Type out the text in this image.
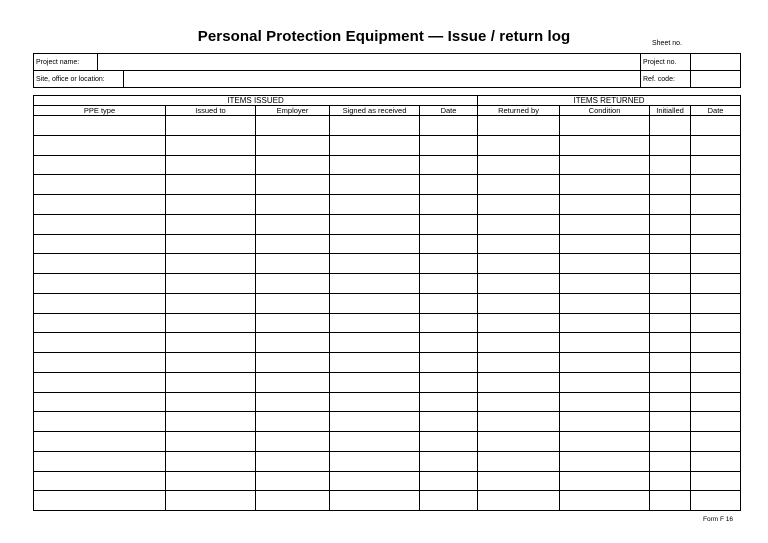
Personal Protection Equipment — Issue / return log	Sheet no.
Project name:		Project no.	
Site, office or location:		Ref. code:	
ITEMS ISSUED					ITEMS RETURNED			
PPE type	Issued to	Employer	Signed as received	Date	Returned by	Condition	Initialled	Date

Form F 16
